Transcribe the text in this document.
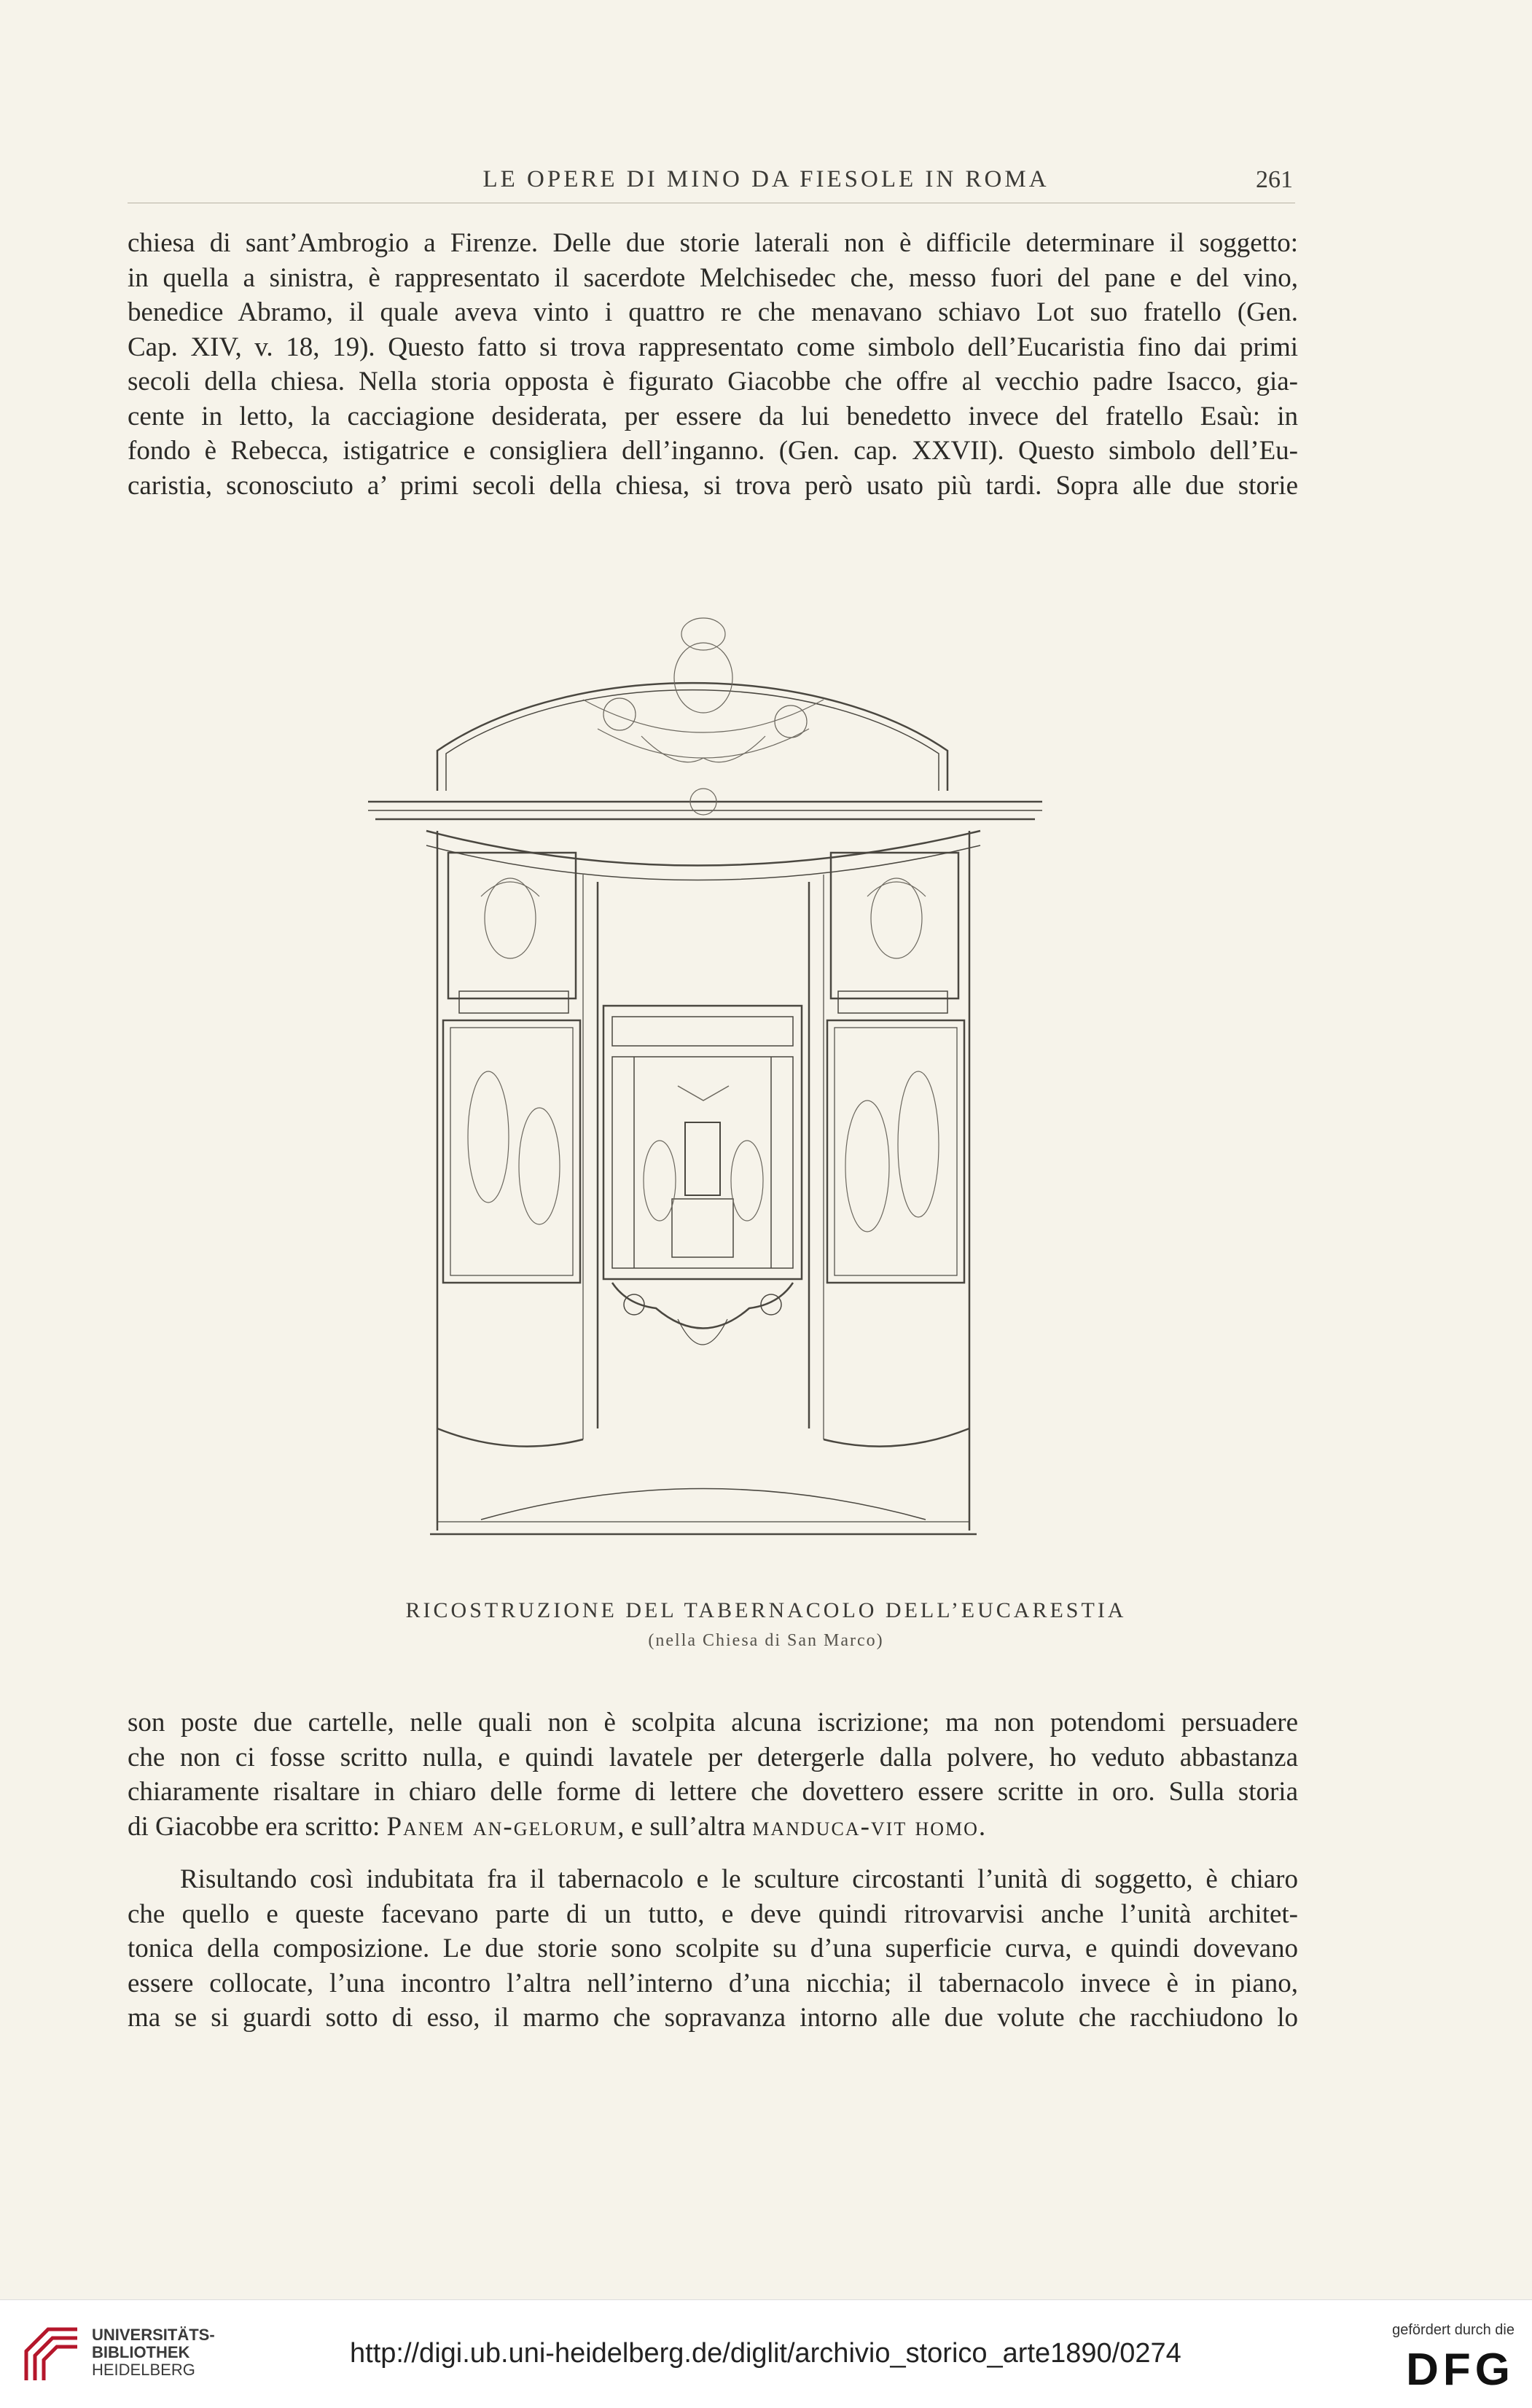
LE OPERE DI MINO DA FIESOLE IN ROMA	261
chiesa di sant’Ambrogio a Firenze. Delle due storie laterali non è difficile determinare il soggetto:
in quella a sinistra, è rappresentato il sacerdote Melchisedec che, messo fuori del pane e del vino,
benedice Abramo, il quale aveva vinto i quattro re che menavano schiavo Lot suo fratello (Gen.
Cap. XIV, v. 18, 19). Questo fatto si trova rappresentato come simbolo dell’Eucaristia fino dai primi
secoli della chiesa. Nella storia opposta è figurato Giacobbe che offre al vecchio padre Isacco, gia-
cente in letto, la cacciagione desiderata, per essere da lui benedetto invece del fratello Esaù: in
fondo è Rebecca, istigatrice e consigliera dell’inganno. (Gen. cap. XXVII). Questo simbolo dell’Eu-
caristia, sconosciuto a’ primi secoli della chiesa, si trova però usato più tardi. Sopra alle due storie
RICOSTRUZIONE DEL TABERNACOLO DELL’EUCARESTIA
(nella Chiesa di San Marco)
son poste due cartelle, nelle quali non è scolpita alcuna iscrizione; ma non potendomi persuadere
che non ci fosse scritto nulla, e quindi lavatele per detergerle dalla polvere, ho veduto abbastanza
chiaramente risaltare in chiaro delle forme di lettere che dovettero essere scritte in oro. Sulla storia
di Giacobbe era scritto: Panem an-gelorum, e sull’altra manduca-vit homo.
Risultando così indubitata fra il tabernacolo e le sculture circostanti l’unità di soggetto, è chiaro
che quello e queste facevano parte di un tutto, e deve quindi ritrovarvisi anche l’unità architet-
tonica della composizione. Le due storie sono scolpite su d’una superficie curva, e quindi dovevano
essere collocate, l’una incontro l’altra nell’interno d’una nicchia; il tabernacolo invece è in piano,
ma se si guardi sotto di esso, il marmo che sopravanza intorno alle due volute che racchiudono lo
UNIVERSITÄTS-
BIBLIOTHEK
HEIDELBERG
http://digi.ub.uni-heidelberg.de/diglit/archivio_storico_arte1890/0274
gefördert durch die
DFG
